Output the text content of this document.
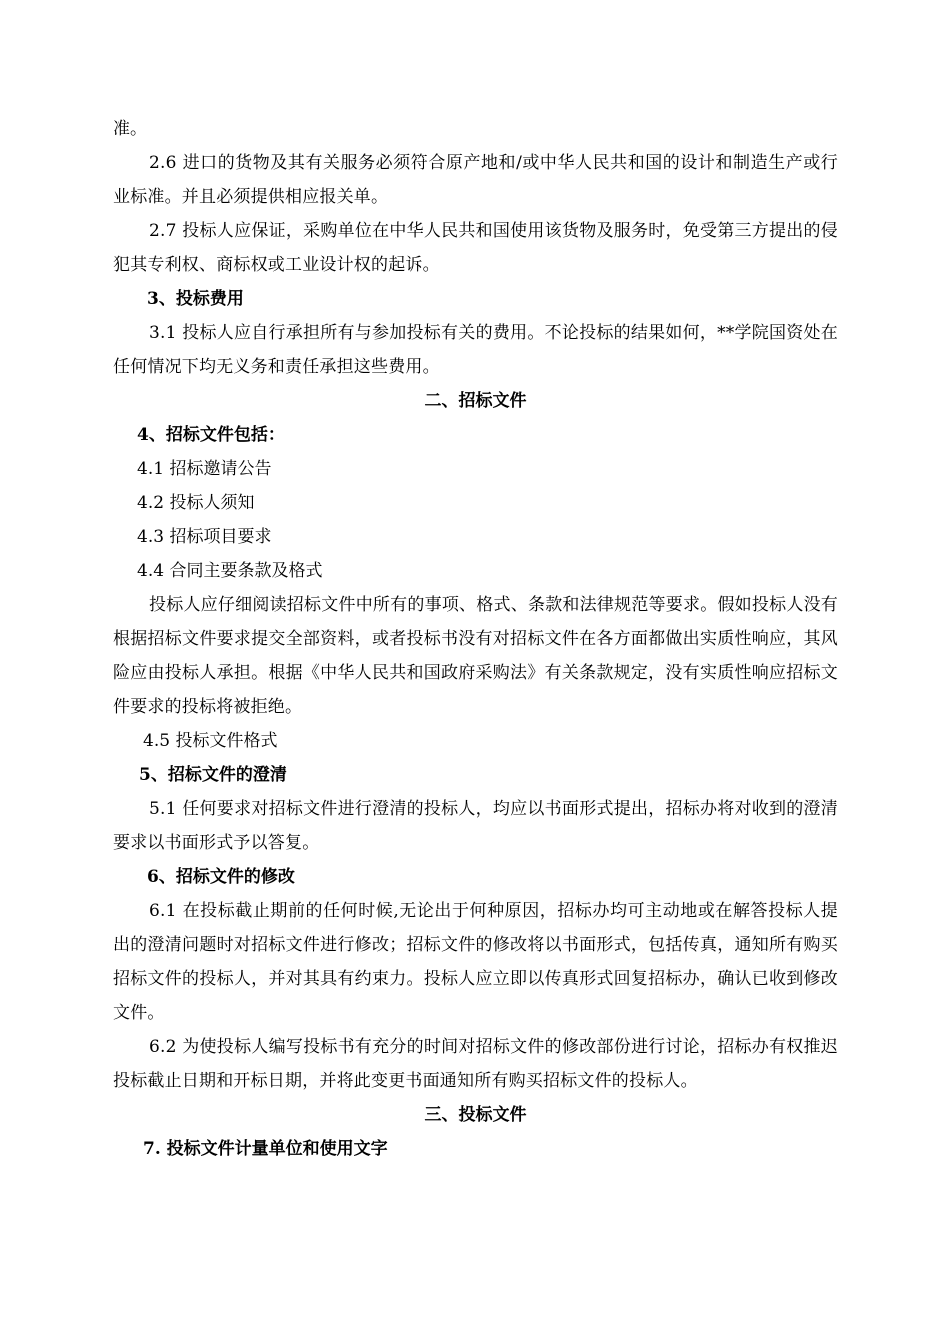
准。
2.6 进口的货物及其有关服务必须符合原产地和/或中华人民共和国的设计和制造生产或行业标准。并且必须提供相应报关单。
2.7 投标人应保证，采购单位在中华人民共和国使用该货物及服务时，免受第三方提出的侵犯其专利权、商标权或工业设计权的起诉。
3、投标费用
3.1 投标人应自行承担所有与参加投标有关的费用。不论投标的结果如何，**学院国资处在任何情况下均无义务和责任承担这些费用。
二、招标文件
4、招标文件包括：
4.1 招标邀请公告
4.2 投标人须知
4.3 招标项目要求
4.4 合同主要条款及格式
投标人应仔细阅读招标文件中所有的事项、格式、条款和法律规范等要求。假如投标人没有根据招标文件要求提交全部资料，或者投标书没有对招标文件在各方面都做出实质性响应，其风险应由投标人承担。根据《中华人民共和国政府采购法》有关条款规定，没有实质性响应招标文件要求的投标将被拒绝。
4.5 投标文件格式
5、招标文件的澄清
5.1 任何要求对招标文件进行澄清的投标人，均应以书面形式提出，招标办将对收到的澄清要求以书面形式予以答复。
6、招标文件的修改
6.1 在投标截止期前的任何时候,无论出于何种原因，招标办均可主动地或在解答投标人提出的澄清问题时对招标文件进行修改；招标文件的修改将以书面形式，包括传真，通知所有购买招标文件的投标人，并对其具有约束力。投标人应立即以传真形式回复招标办，确认已收到修改文件。
6.2 为使投标人编写投标书有充分的时间对招标文件的修改部份进行讨论，招标办有权推迟投标截止日期和开标日期，并将此变更书面通知所有购买招标文件的投标人。
三、投标文件
7. 投标文件计量单位和使用文字
